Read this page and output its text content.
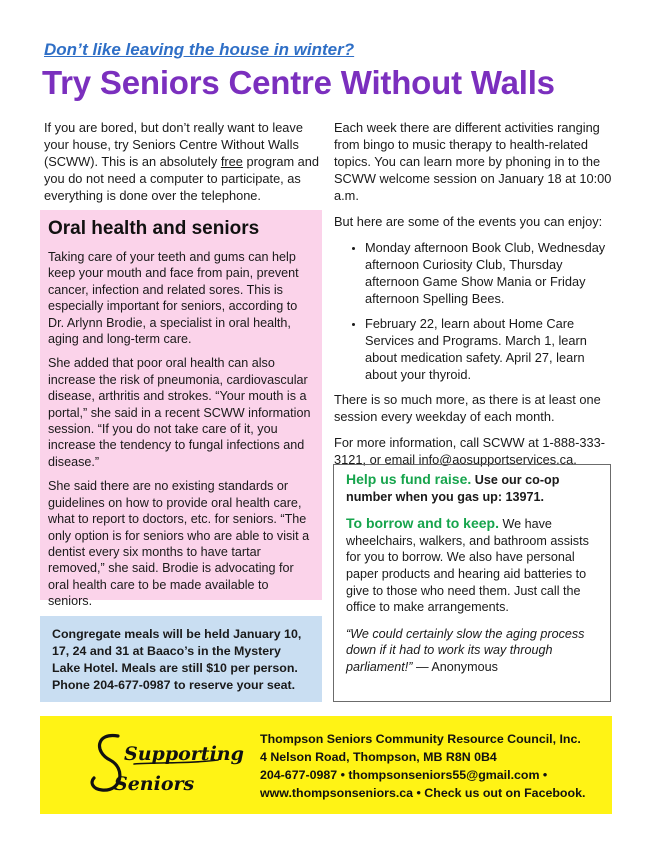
Don’t like leaving the house in winter?
Try Seniors Centre Without Walls

If you are bored, but don’t really want to leave your house, try Seniors Centre Without Walls (SCWW). This is an absolutely free program and you do not need a computer to participate, as everything is done over the telephone.

Oral health and seniors

Taking care of your teeth and gums can help keep your mouth and face from pain, prevent cancer, infection and related sores. This is especially important for seniors, according to Dr. Arlynn Brodie, a specialist in oral health, aging and long-term care.

She added that poor oral health can also increase the risk of pneumonia, cardiovascular disease, arthritis and strokes. “Your mouth is a portal,” she said in a recent SCWW information session. “If you do not take care of it, you increase the tendency to fungal infections and disease.”

She said there are no existing standards or guidelines on how to provide oral health care, what to report to doctors, etc. for seniors. “The only option is for seniors who are able to visit a dentist every six months to have tartar removed,” she said. Brodie is advocating for oral health care to be made available to seniors.

Congregate meals will be held January 10, 17, 24 and 31 at Baaco’s in the Mystery Lake Hotel. Meals are still $10 per person. Phone 204-677-0987 to reserve your seat.

Each week there are different activities ranging from bingo to music therapy to health-related topics. You can learn more by phoning in to the SCWW welcome session on January 18 at 10:00 a.m.

But here are some of the events you can enjoy:

• Monday afternoon Book Club, Wednesday afternoon Curiosity Club, Thursday afternoon Game Show Mania or Friday afternoon Spelling Bees.
• February 22, learn about Home Care Services and Programs. March 1, learn about medication safety. April 27, learn about your thyroid.

There is so much more, as there is at least one session every weekday of each month.

For more information, call SCWW at 1-888-333-3121, or email info@aosupportservices.ca.

Help us fund raise. Use our co-op number when you gas up: 13971.

To borrow and to keep. We have wheelchairs, walkers, and bathroom assists for you to borrow. We also have personal paper products and hearing aid batteries to give to those who need them. Just call the office to make arrangements.

“We could certainly slow the aging process down if it had to work its way through parliament!” — Anonymous

Supporting
Seniors
Thompson Seniors Community Resource Council, Inc.
4 Nelson Road, Thompson, MB R8N 0B4
204-677-0987 • thompsonseniors55@gmail.com •
www.thompsonseniors.ca • Check us out on Facebook.
